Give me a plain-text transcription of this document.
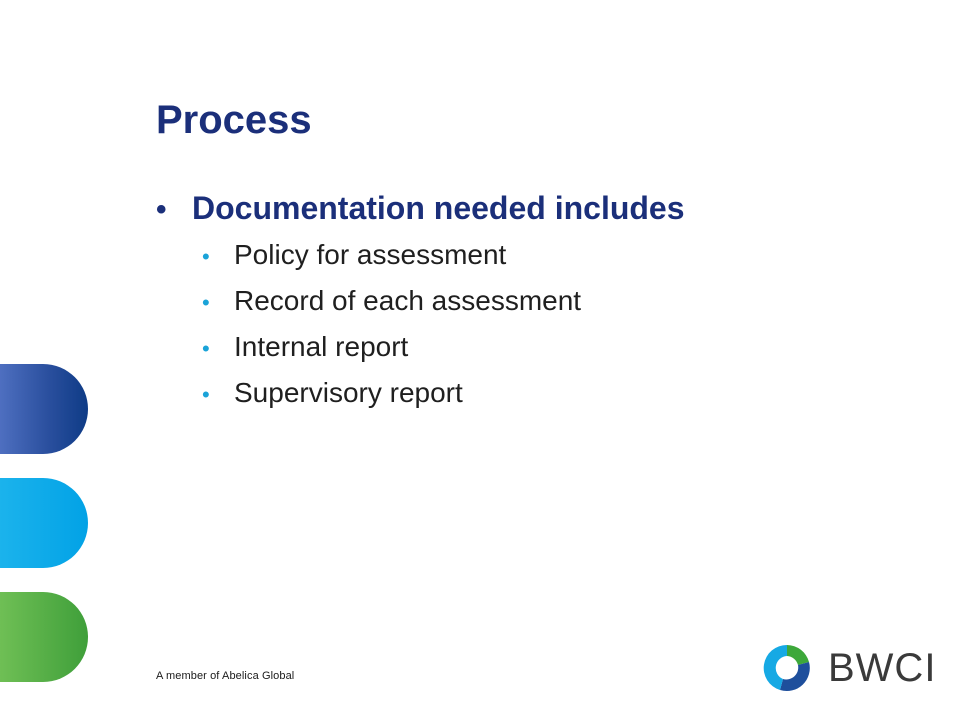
Process
• Documentation needed includes
• Policy for assessment
• Record of each assessment
• Internal report
• Supervisory report
A member of Abelica Global	BWCI
